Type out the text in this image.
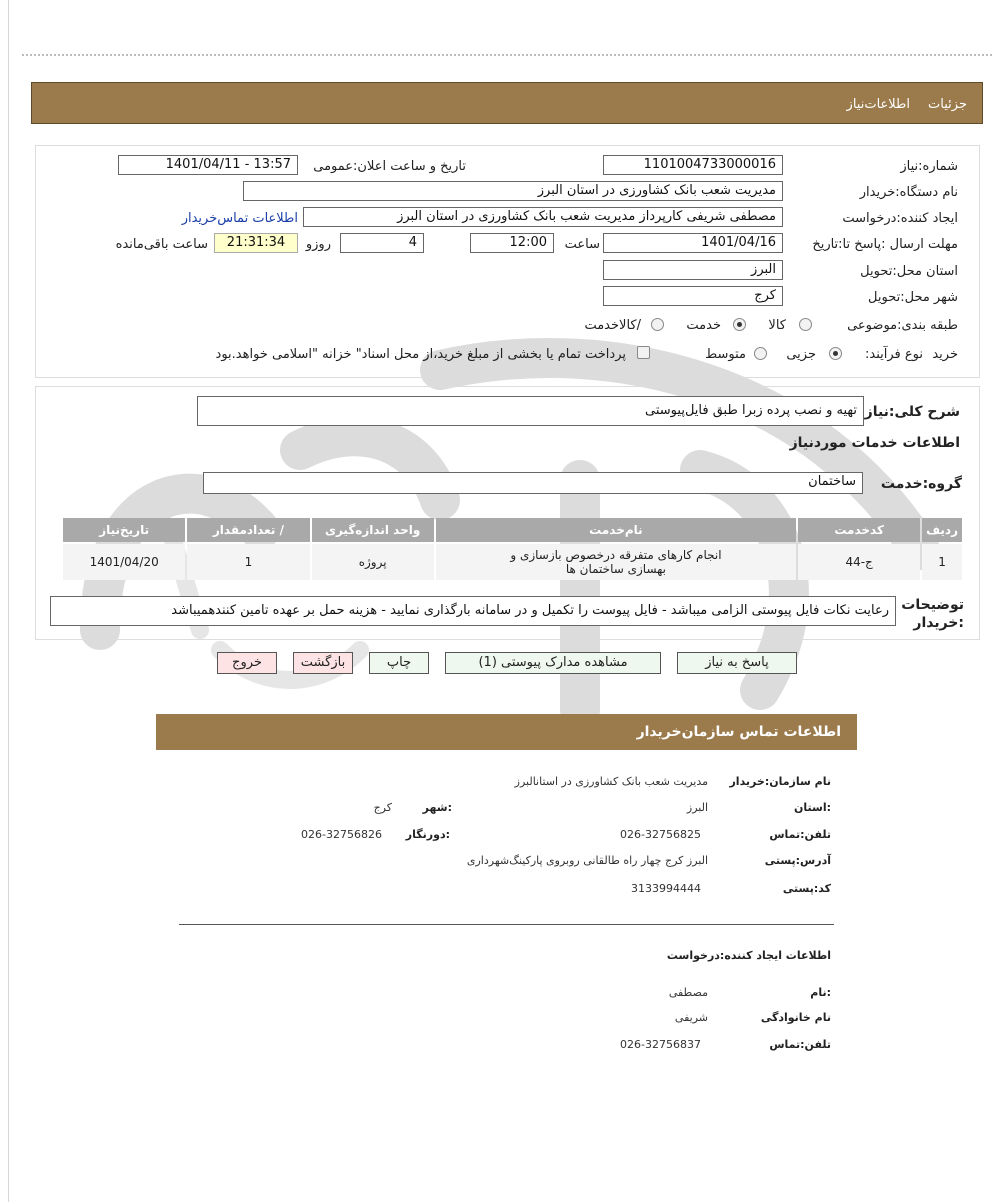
جزئیات
اطلاعات‌نیاز
شماره:نیاز
1101004733000016
تاریخ و ساعت اعلان:عمومی
1401/04/11 - 13:57
نام دستگاه:خریدار
مدیریت شعب بانک کشاورزی در استان البرز
ایجاد کننده:درخواست
مصطفی شریفی کارپرداز مدیریت شعب بانک کشاورزی در استان البرز
اطلاعات تماس‌خریدار
مهلت ارسال :پاسخ تا:تاریخ
1401/04/16
ساعت
12:00
4
روزو
21:31:34
ساعت باقی‌مانده
استان محل:تحویل
البرز
شهر محل:تحویل
کرج
طبقه بندی:موضوعی
کالا
خدمت
/کالاخدمت
نوع فرآیند: خرید
جزیی
متوسط
پرداخت تمام یا بخشی از مبلغ خرید،از محل اسناد" خزانه "اسلامی خواهد.بود
شرح کلی:نیاز
تهیه و نصب پرده زبرا طبق فایل‌پیوستی
اطلاعات خدمات موردنیاز
گروه:خدمت
ساختمان
ردیف	کدخدمت	نام‌خدمت	واحد اندازه‌گیری	/ تعدادمقدار	تاریخ‌نیاز
1	ج-44	انجام کارهای متفرقه درخصوص بازسازی و بهسازی ساختمان ها	پروژه	1	1401/04/20
توضیحات :خریدار
رعایت نکات فایل پیوستی الزامی میباشد - فایل پیوست را تکمیل و در سامانه بارگذاری نمایید - هزینه حمل بر عهده تامین کنندهمیباشد
پاسخ به نیاز
مشاهده مدارک پیوستی (1)
چاپ
بازگشت
خروج
اطلاعات تماس سازمان‌خریدار
نام سازمان:خریدار
مدیریت شعب بانک کشاورزی در استانالبرز
:استان
البرز
:شهر
کرج
تلفن:تماس
026-32756825
:دورنگار
026-32756826
آدرس:پستی
البرز کرج چهار راه طالقانی روبروی پارکینگ‌شهرداری
کد:پستی
3133994444
اطلاعات ایجاد کننده:درخواست
:نام
مصطفی
نام خانوادگی
شریفی
تلفن:تماس
026-32756837
